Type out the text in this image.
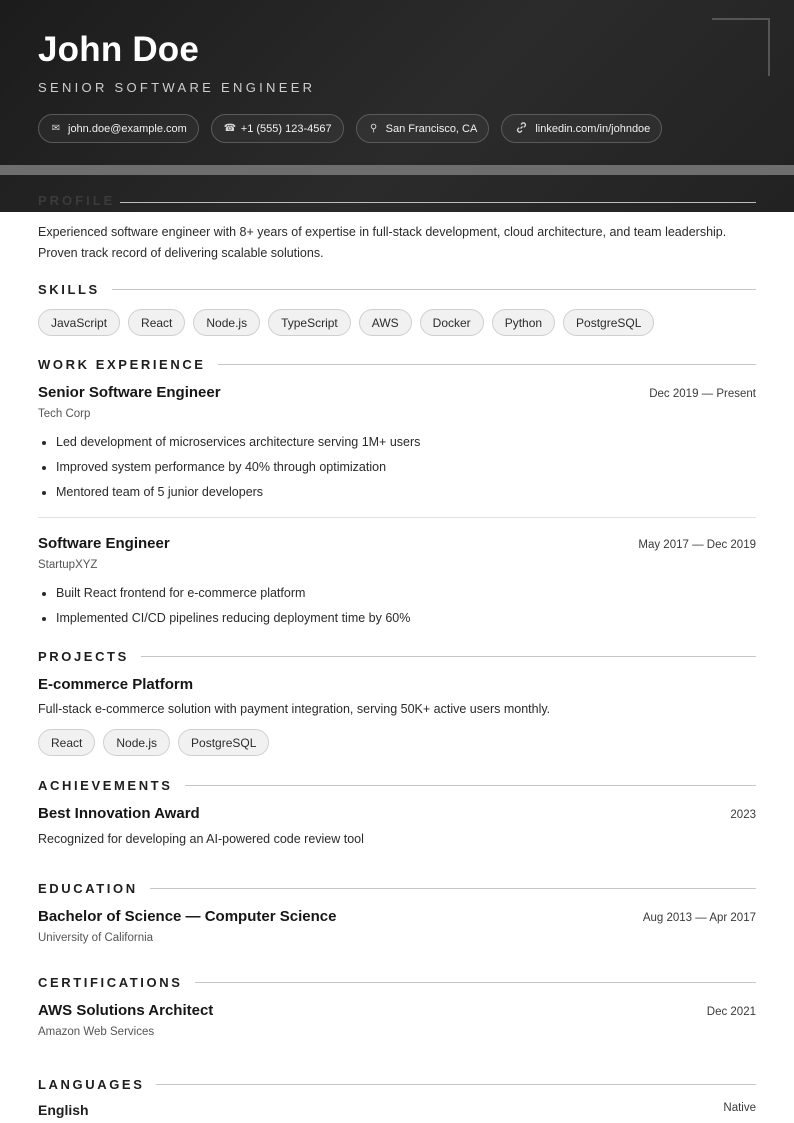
John Doe
SENIOR SOFTWARE ENGINEER
✉ john.doe@example.com	☎ +1 (555) 123-4567	⚲ San Francisco, CA	linkedin.com/in/johndoe
PROFILE

Experienced software engineer with 8+ years of expertise in full-stack development, cloud architecture, and team leadership. Proven track record of delivering scalable solutions.

SKILLS
JavaScript	React	Node.js	TypeScript	AWS	Docker	Python	PostgreSQL
WORK EXPERIENCE
Senior Software Engineer	Dec 2019 — Present
Tech Corp
Led development of microservices architecture serving 1M+ users
Improved system performance by 40% through optimization
Mentored team of 5 junior developers
Software Engineer	May 2017 — Dec 2019
StartupXYZ
Built React frontend for e-commerce platform
Implemented CI/CD pipelines reducing deployment time by 60%
PROJECTS
E-commerce Platform
Full-stack e-commerce solution with payment integration, serving 50K+ active users monthly.
React	Node.js	PostgreSQL
ACHIEVEMENTS
Best Innovation Award	2023
Recognized for developing an AI-powered code review tool
EDUCATION
Bachelor of Science — Computer Science	Aug 2013 — Apr 2017
University of California
CERTIFICATIONS
AWS Solutions Architect	Dec 2021
Amazon Web Services
LANGUAGES
English	Native
